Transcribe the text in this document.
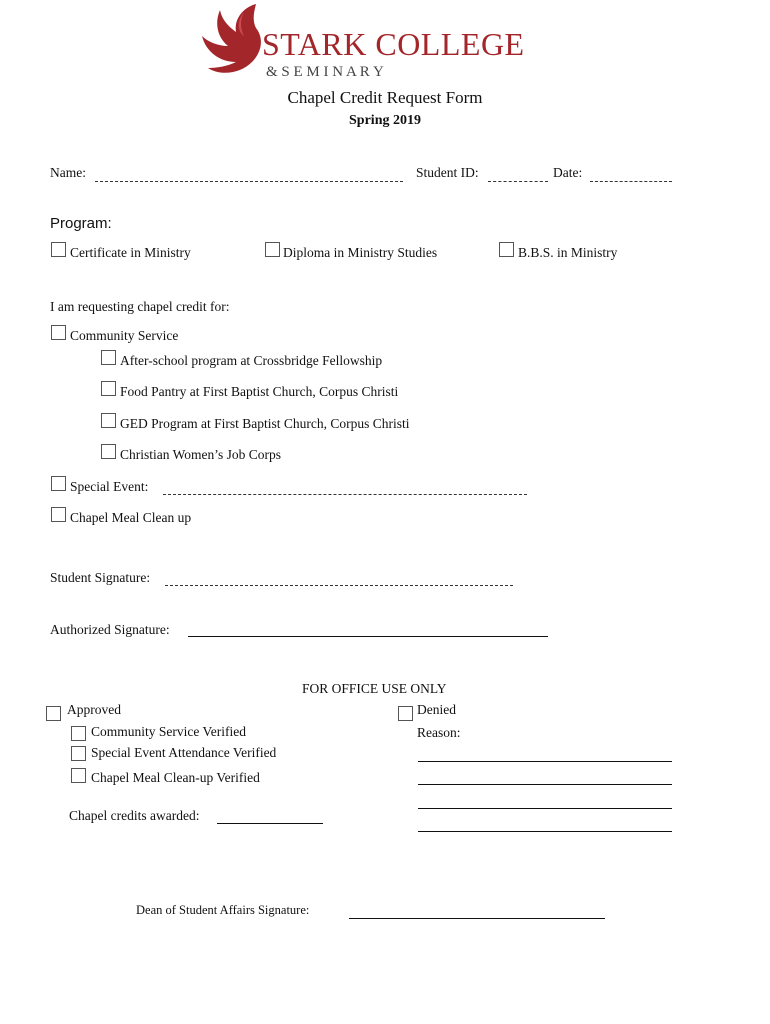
STARK COLLEGE
& S E M I N A R Y
Chapel Credit Request Form
Spring 2019
Name:	Student ID:	Date:
Program:
Certificate in Ministry	Diploma in Ministry Studies	B.B.S. in Ministry
I am requesting chapel credit for:
Community Service
After-school program at Crossbridge Fellowship
Food Pantry at First Baptist Church, Corpus Christi
GED Program at First Baptist Church, Corpus Christi
Christian Women’s Job Corps
Special Event:
Chapel Meal Clean up
Student Signature:
Authorized Signature:
FOR OFFICE USE ONLY
Approved
Community Service Verified
Special Event Attendance Verified
Chapel Meal Clean-up Verified
Chapel credits awarded:
Denied
Reason:
Dean of Student Affairs Signature:
